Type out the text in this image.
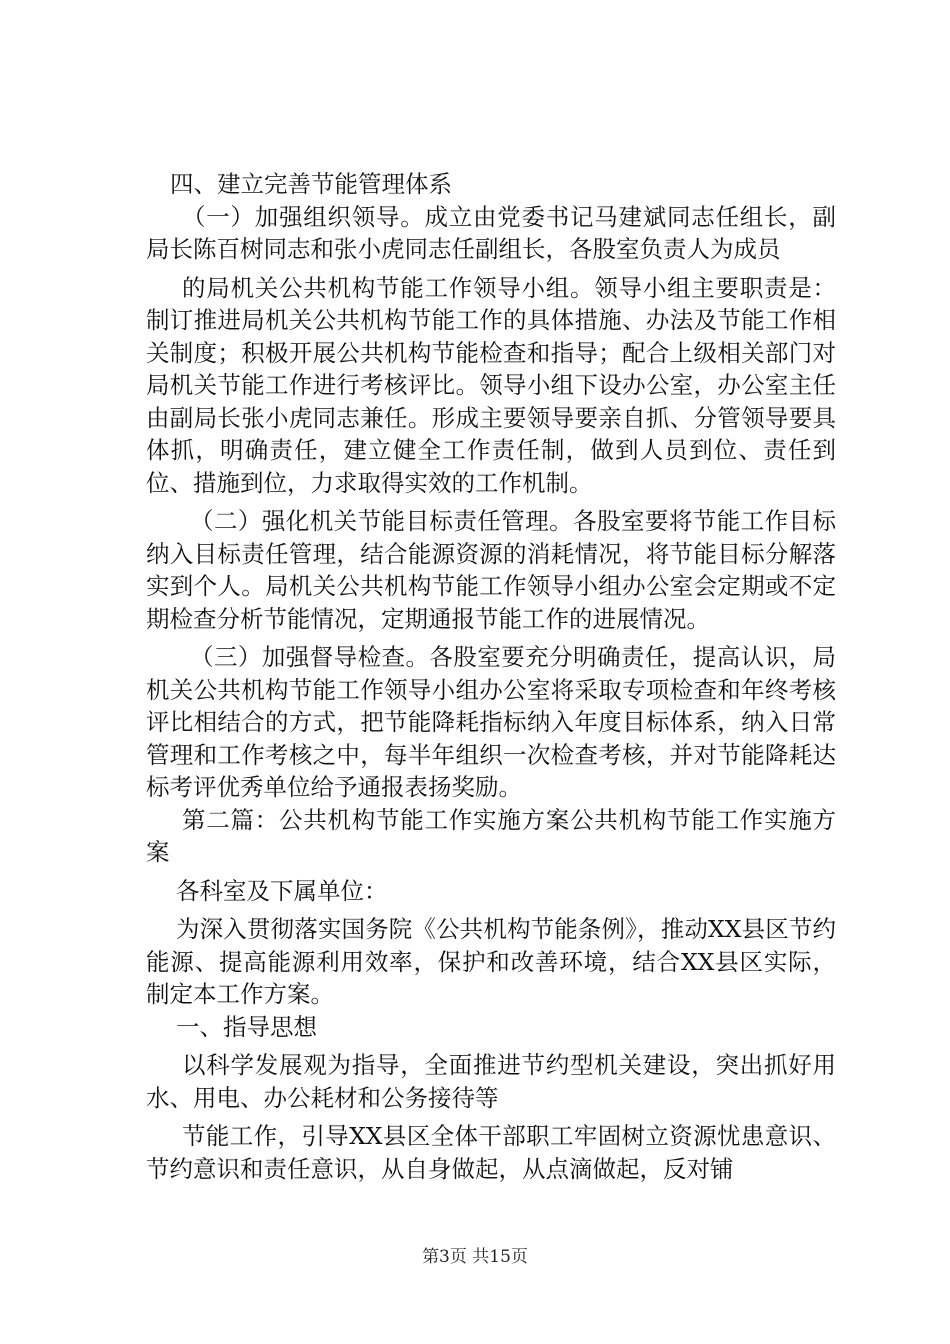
四、建立完善节能管理体系

（一）加强组织领导。成立由党委书记马建斌同志任组长，副局长陈百树同志和张小虎同志任副组长，各股室负责人为成员

的局机关公共机构节能工作领导小组。领导小组主要职责是：制订推进局机关公共机构节能工作的具体措施、办法及节能工作相关制度；积极开展公共机构节能检查和指导；配合上级相关部门对局机关节能工作进行考核评比。领导小组下设办公室，办公室主任由副局长张小虎同志兼任。形成主要领导要亲自抓、分管领导要具体抓，明确责任，建立健全工作责任制，做到人员到位、责任到位、措施到位，力求取得实效的工作机制。

（二）强化机关节能目标责任管理。各股室要将节能工作目标纳入目标责任管理，结合能源资源的消耗情况，将节能目标分解落实到个人。局机关公共机构节能工作领导小组办公室会定期或不定期检查分析节能情况，定期通报节能工作的进展情况。

（三）加强督导检查。各股室要充分明确责任，提高认识，局机关公共机构节能工作领导小组办公室将采取专项检查和年终考核评比相结合的方式，把节能降耗指标纳入年度目标体系，纳入日常管理和工作考核之中，每半年组织一次检查考核，并对节能降耗达标考评优秀单位给予通报表扬奖励。

第二篇：公共机构节能工作实施方案公共机构节能工作实施方案

各科室及下属单位：

为深入贯彻落实国务院《公共机构节能条例》，推动XX县区节约能源、提高能源利用效率，保护和改善环境，结合XX县区实际，制定本工作方案。

一、指导思想

以科学发展观为指导，全面推进节约型机关建设，突出抓好用水、用电、办公耗材和公务接待等

节能工作，引导XX县区全体干部职工牢固树立资源忧患意识、节约意识和责任意识，从自身做起，从点滴做起，反对铺

第3页 共15页
